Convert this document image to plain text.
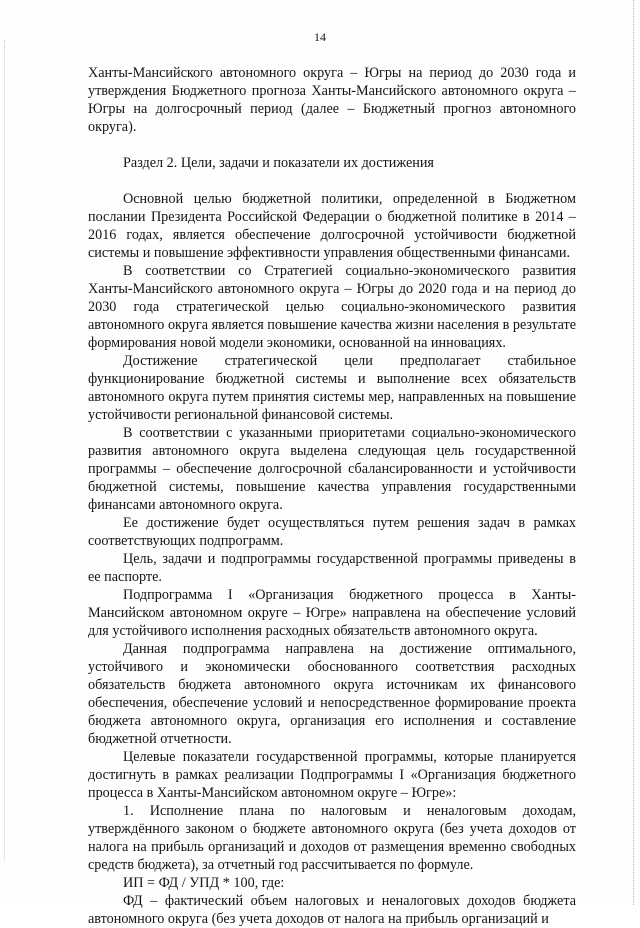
14

Ханты-Мансийского автономного округа – Югры на период до 2030 года и утверждения Бюджетного прогноза Ханты-Мансийского автономного округа – Югры на долгосрочный период (далее – Бюджетный прогноз автономного округа).

Раздел 2. Цели, задачи и показатели их достижения

Основной целью бюджетной политики, определенной в Бюджетном послании Президента Российской Федерации о бюджетной политике в 2014 – 2016 годах, является обеспечение долгосрочной устойчивости бюджетной системы и повышение эффективности управления общественными финансами.

В соответствии со Стратегией социально-экономического развития Ханты-Мансийского автономного округа – Югры до 2020 года и на период до 2030 года стратегической целью социально-экономического развития автономного округа является повышение качества жизни населения в результате формирования новой модели экономики, основанной на инновациях.

Достижение стратегической цели предполагает стабильное функционирование бюджетной системы и выполнение всех обязательств автономного округа путем принятия системы мер, направленных на повышение устойчивости региональной финансовой системы.

В соответствии с указанными приоритетами социально-экономического развития автономного округа выделена следующая цель государственной программы – обеспечение долгосрочной сбалансированности и устойчивости бюджетной системы, повышение качества управления государственными финансами автономного округа.

Ее достижение будет осуществляться путем решения задач в рамках соответствующих подпрограмм.

Цель, задачи и подпрограммы государственной программы приведены в ее паспорте.

Подпрограмма I «Организация бюджетного процесса в Ханты-Мансийском автономном округе – Югре» направлена на обеспечение условий для устойчивого исполнения расходных обязательств автономного округа.

Данная подпрограмма направлена на достижение оптимального, устойчивого и экономически обоснованного соответствия расходных обязательств бюджета автономного округа источникам их финансового обеспечения, обеспечение условий и непосредственное формирование проекта бюджета автономного округа, организация его исполнения и составление бюджетной отчетности.

Целевые показатели государственной программы, которые планируется достигнуть в рамках реализации Подпрограммы I «Организация бюджетного процесса в Ханты-Мансийском автономном округе – Югре»:

1. Исполнение плана по налоговым и неналоговым доходам, утверждённого законом о бюджете автономного округа (без учета доходов от налога на прибыль организаций и доходов от размещения временно свободных средств бюджета), за отчетный год рассчитывается по формуле.

ИП = ФД / УПД * 100, где:

ФД – фактический объем налоговых и неналоговых доходов бюджета автономного округа (без учета доходов от налога на прибыль организаций и
